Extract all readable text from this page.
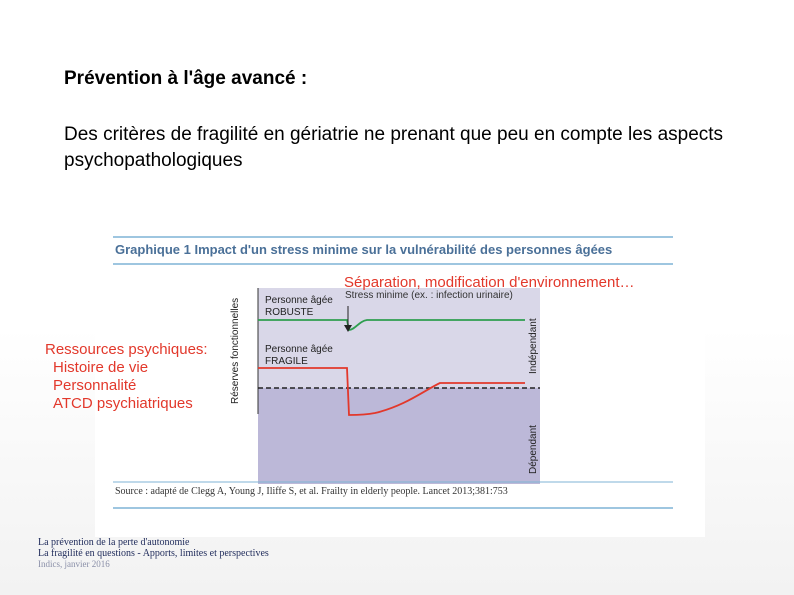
Prévention à l'âge avancé :

Des critères de fragilité en gériatrie ne prenant que peu en compte les aspects psychopathologiques

Graphique 1 Impact d'un stress minime sur la vulnérabilité des personnes âgées
Séparation, modification d'environnement…
Stress minime (ex. : infection urinaire)
Personne âgée
ROBUSTE
Personne âgée
FRAGILE
Réserves fonctionnelles	Indépendant
Dépendant
Source : adapté de Clegg A, Young J, Iliffe S, et al. Frailty in elderly people. Lancet 2013;381:753
Ressources psychiques:
Histoire de vie
Personnalité
ATCD psychiatriques
La prévention de la perte d'autonomie
La fragilité en questions - Apports, limites et perspectives
Indics, janvier 2016
